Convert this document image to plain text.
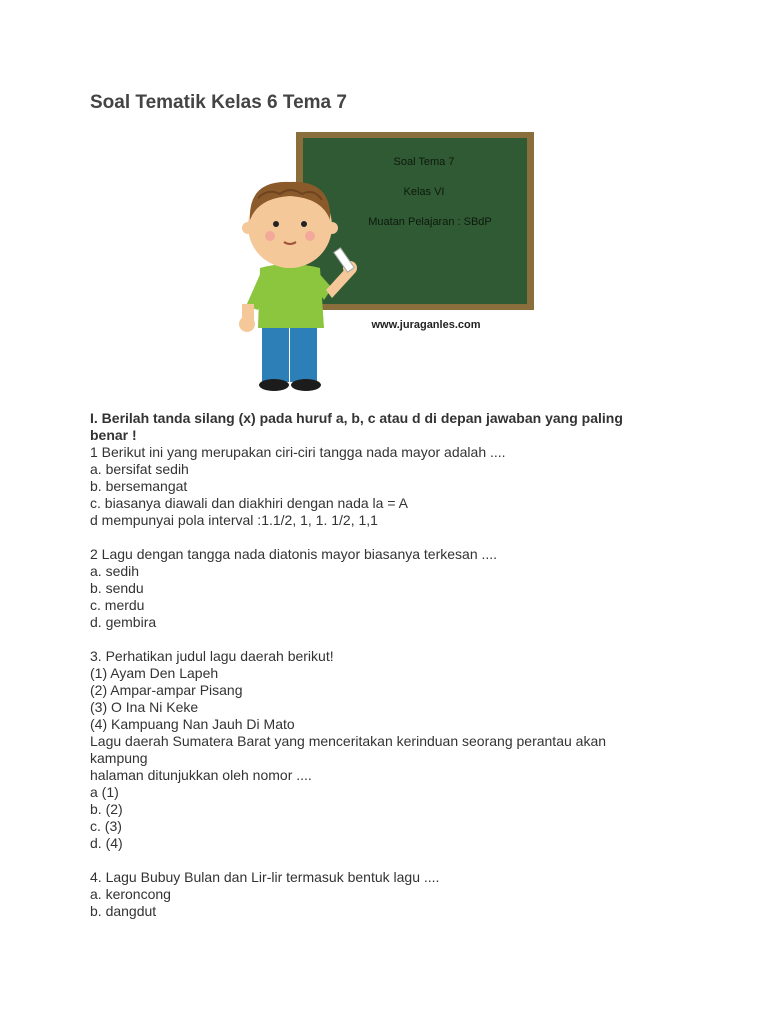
Soal Tematik Kelas 6 Tema 7
Soal Tema 7
Kelas VI
Muatan Pelajaran : SBdP
www.juraganles.com

I. Berilah tanda silang (x) pada huruf a, b, c atau d di depan jawaban yang paling benar !

1 Berikut ini yang merupakan ciri-ciri tangga nada mayor adalah ....

a. bersifat sedih

b. bersemangat

c. biasanya diawali dan diakhiri dengan nada la = A

d mempunyai pola interval :1.1/2, 1, 1. 1/2, 1,1

2 Lagu dengan tangga nada diatonis mayor biasanya terkesan ....

a. sedih

b. sendu

c. merdu

d. gembira

3. Perhatikan judul lagu daerah berikut!

(1) Ayam Den Lapeh

(2) Ampar-ampar Pisang

(3) O Ina Ni Keke

(4) Kampuang Nan Jauh Di Mato

Lagu daerah Sumatera Barat yang menceritakan kerinduan seorang perantau akan

kampung

halaman ditunjukkan oleh nomor ....

a (1)

b. (2)

c. (3)

d. (4)

4. Lagu Bubuy Bulan dan Lir-lir termasuk bentuk lagu ....

a. keroncong

b. dangdut
